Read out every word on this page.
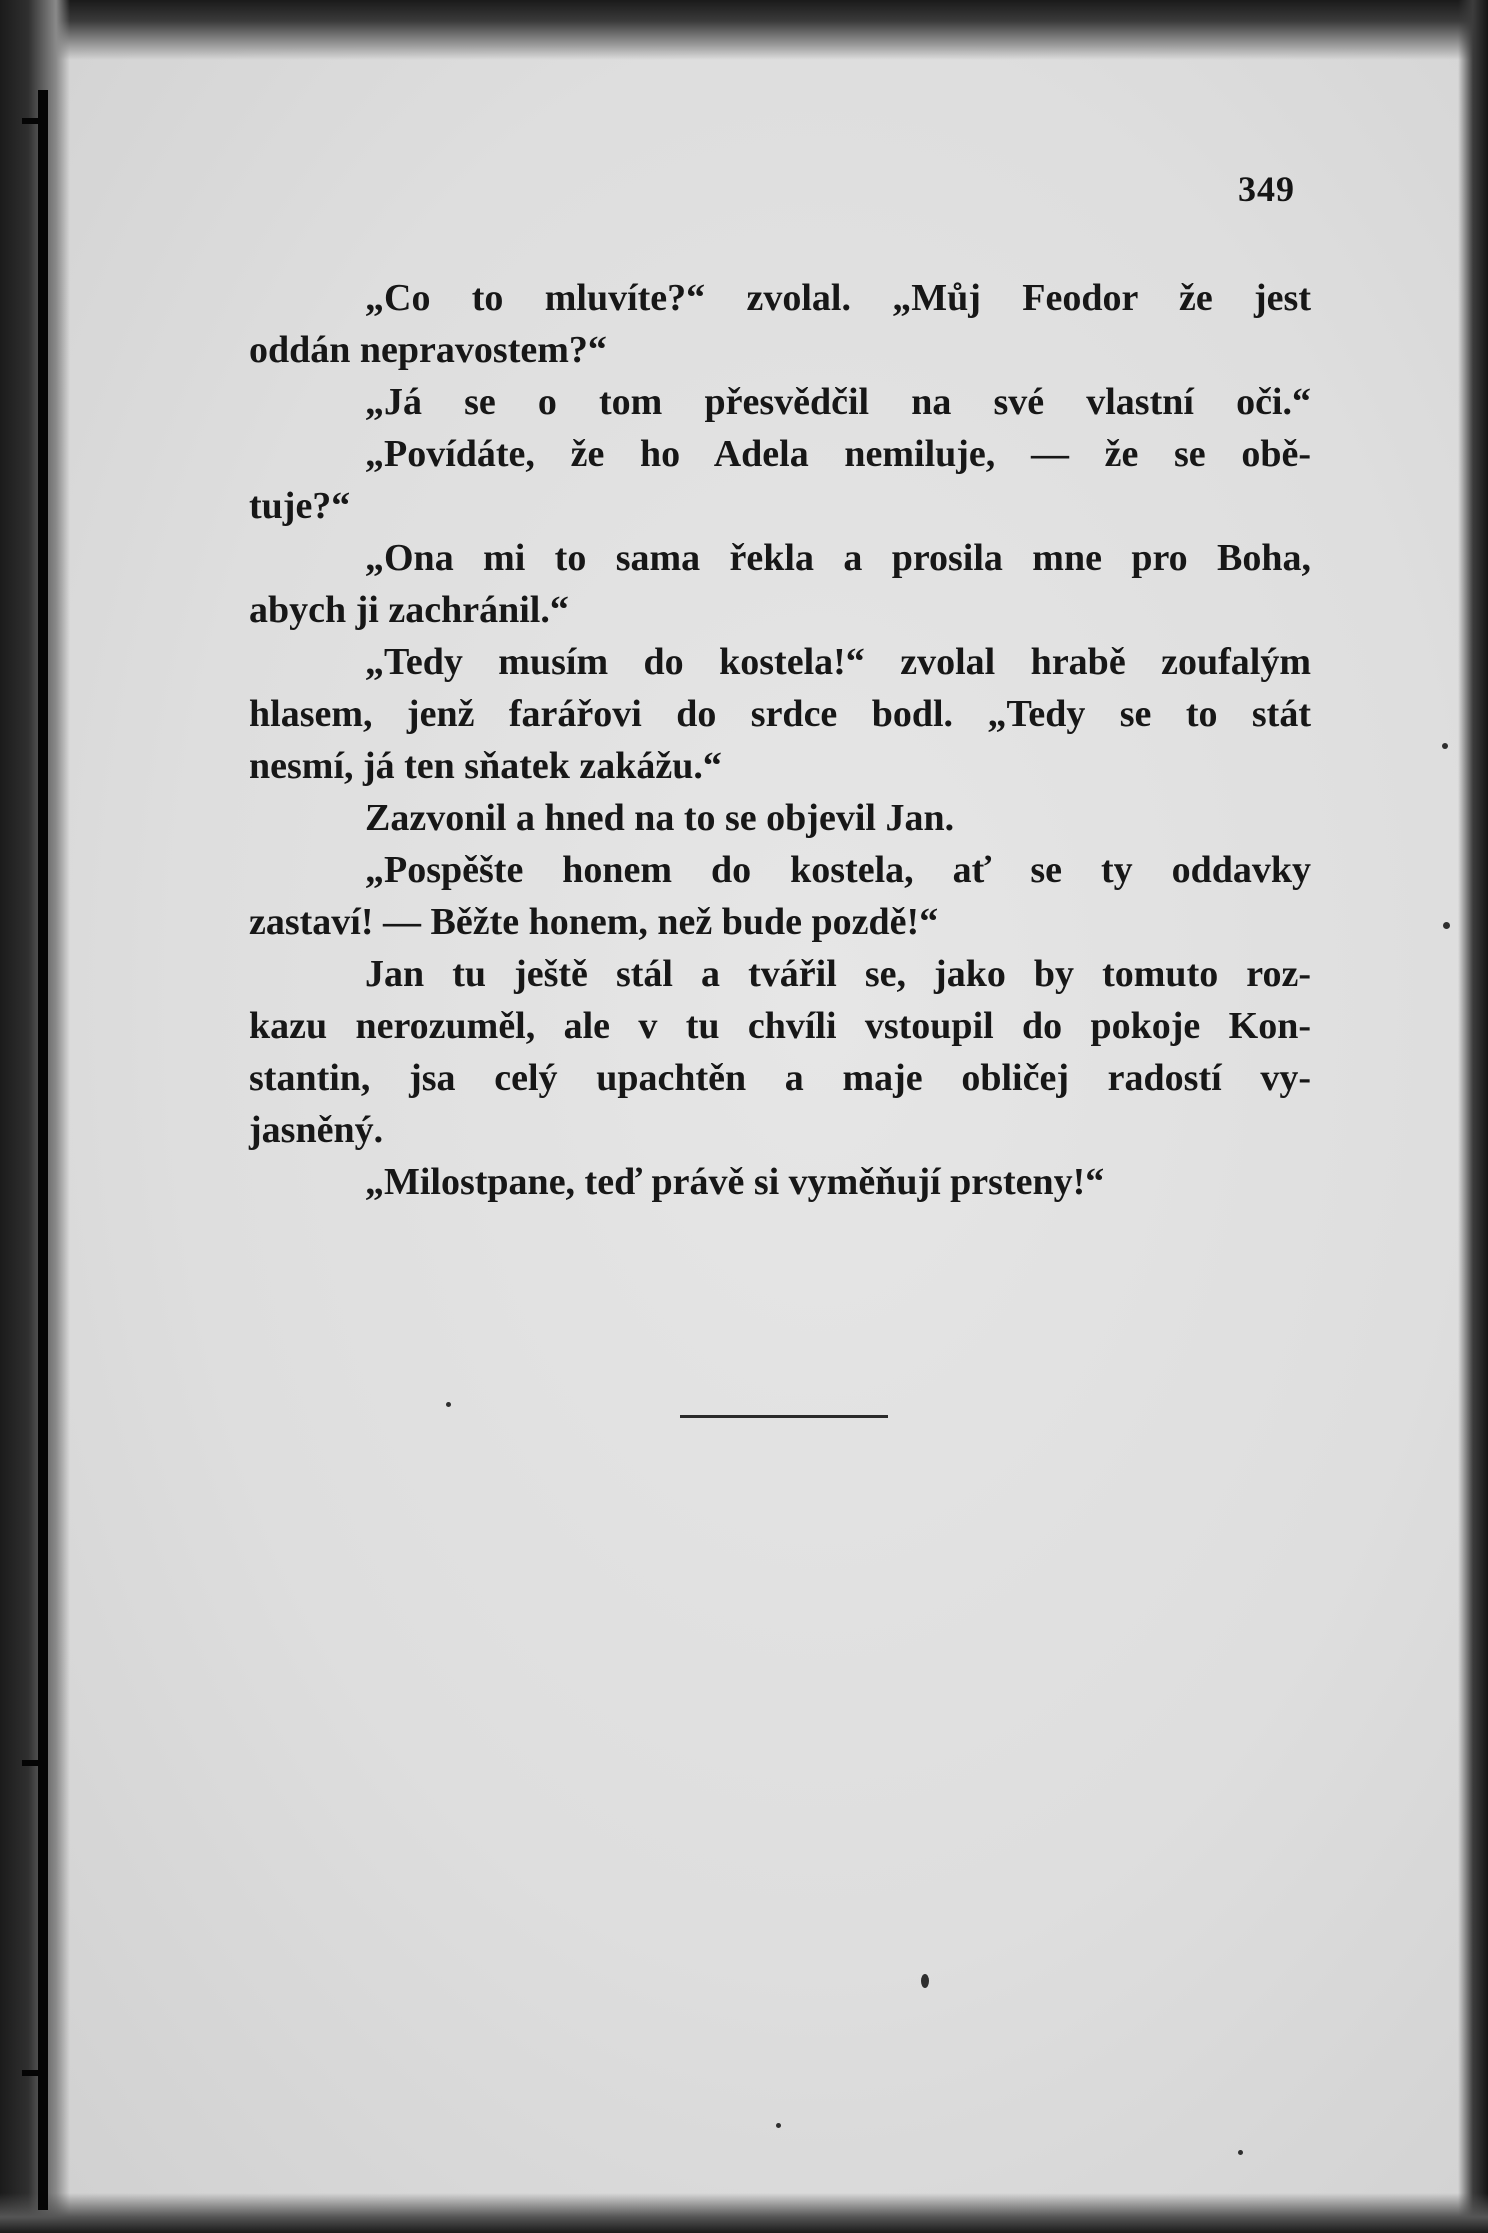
349
„Co to mluvíte?“ zvolal. „Můj Feodor že jest
oddán nepravostem?“
„Já se o tom přesvědčil na své vlastní oči.“
„Povídáte, že ho Adela nemiluje, — že se obě-
tuje?“
„Ona mi to sama řekla a prosila mne pro Boha,
abych ji zachránil.“
„Tedy musím do kostela!“ zvolal hrabě zoufalým
hlasem, jenž farářovi do srdce bodl. „Tedy se to stát
nesmí, já ten sňatek zakážu.“
Zazvonil a hned na to se objevil Jan.
„Pospěšte honem do kostela, ať se ty oddavky
zastaví! — Běžte honem, než bude pozdě!“
Jan tu ještě stál a tvářil se, jako by tomuto roz-
kazu nerozuměl, ale v tu chvíli vstoupil do pokoje Kon-
stantin, jsa celý upachtěn a maje obličej radostí vy-
jasněný.
„Milostpane, teď právě si vyměňují prsteny!“
